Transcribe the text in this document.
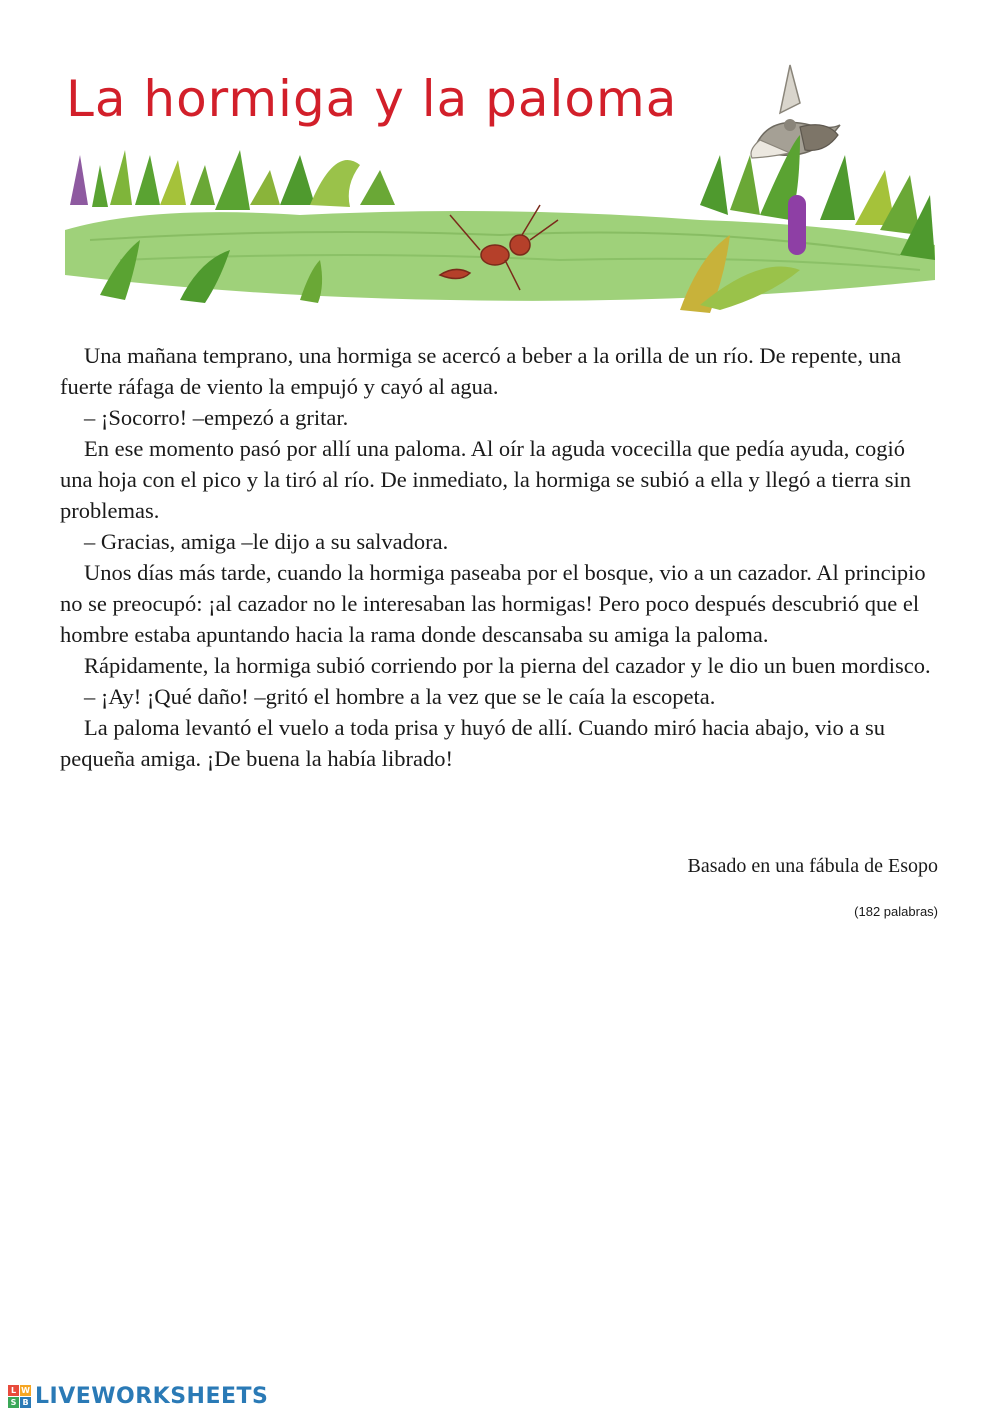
La hormiga y la paloma

Una mañana temprano, una hormiga se acercó a beber a la orilla de un río. De repente, una fuerte ráfaga de viento la empujó y cayó al agua.

– ¡Socorro! –empezó a gritar.

En ese momento pasó por allí una paloma. Al oír la aguda vocecilla que pedía ayuda, cogió una hoja con el pico y la tiró al río. De inmediato, la hormiga se subió a ella y llegó a tierra sin problemas.

– Gracias, amiga –le dijo a su salvadora.

Unos días más tarde, cuando la hormiga paseaba por el bosque, vio a un cazador. Al principio no se preocupó: ¡al cazador no le interesaban las hormigas! Pero poco después descubrió que el hombre estaba apuntando hacia la rama donde descansaba su amiga la paloma.

Rápidamente, la hormiga subió corriendo por la pierna del cazador y le dio un buen mordisco.

– ¡Ay! ¡Qué daño! –gritó el hombre a la vez que se le caía la escopeta.

La paloma levantó el vuelo a toda prisa y huyó de allí. Cuando miró hacia abajo, vio a su pequeña amiga. ¡De buena la había librado!

Basado en una fábula de Esopo
(182 palabras)
L W
S B LIVEWORKSHEETS
